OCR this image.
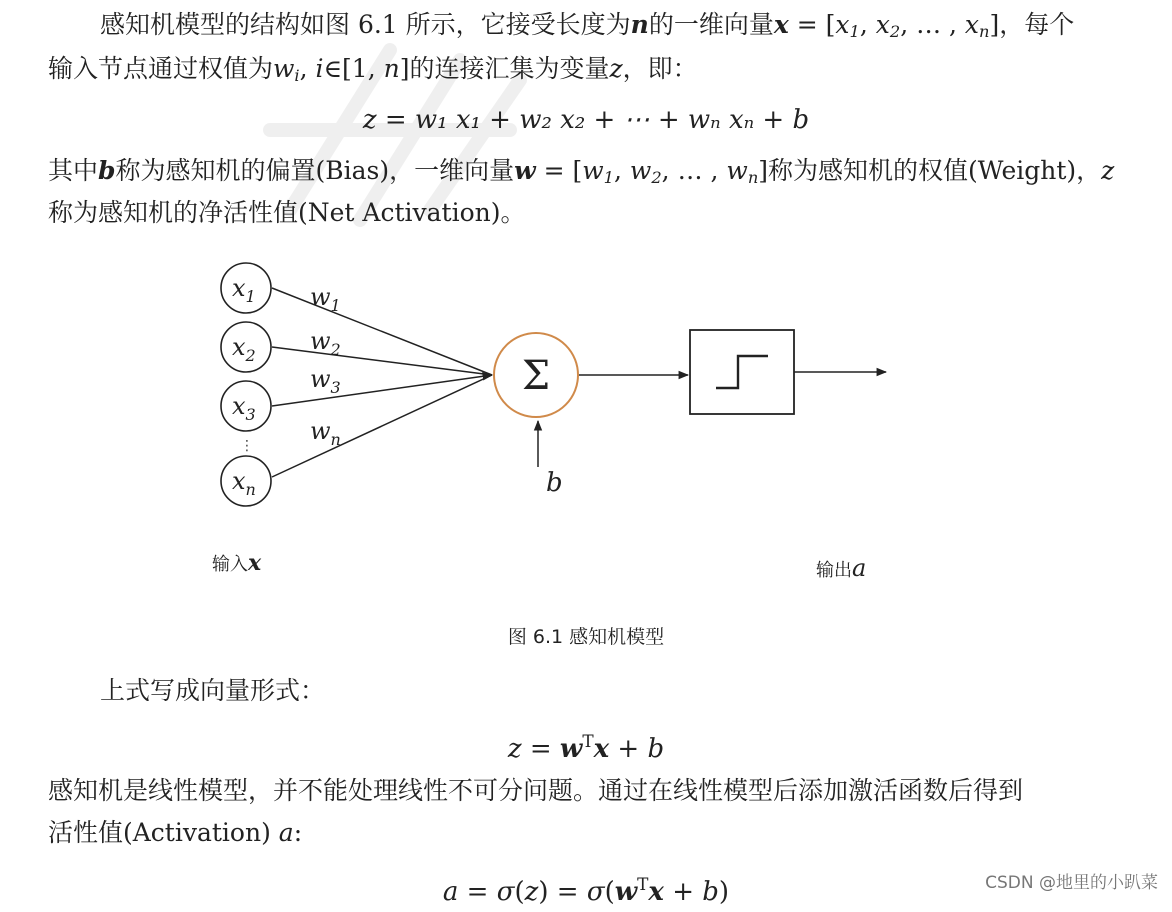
感知机模型的结构如图 6.1 所示，它接受长度为n的一维向量$x = [x_1$, $x_2$, … , $x_n$]，每个
输入节点通过权值为$w_i$, i∈[1, n]的连接汇集为变量z，即：
z = w₁ x₁ + w₂ x₂ + ⋯ + wₙ xₙ + b
其中b称为感知机的偏置(Bias)，一维向量$w = [w_1$, $w_2$, … , $w_n$]称为感知机的权值(Weight)，z
称为感知机的净活性值(Net Activation)。
$x_1$
$x_2$
$x_3$
$x_n$
$w_1$
$w_2$
$w_3$
$w_n$
b
⋮
Σ
输入x	输出a
图 6.1 感知机模型
上式写成向量形式：
$z = w^Tx + b$
感知机是线性模型，并不能处理线性不可分问题。通过在线性模型后添加激活函数后得到
活性值(Activation) a:
$a = \sigma(z) = \sigma(w^Tx + b)$	CSDN @地里的小趴菜
